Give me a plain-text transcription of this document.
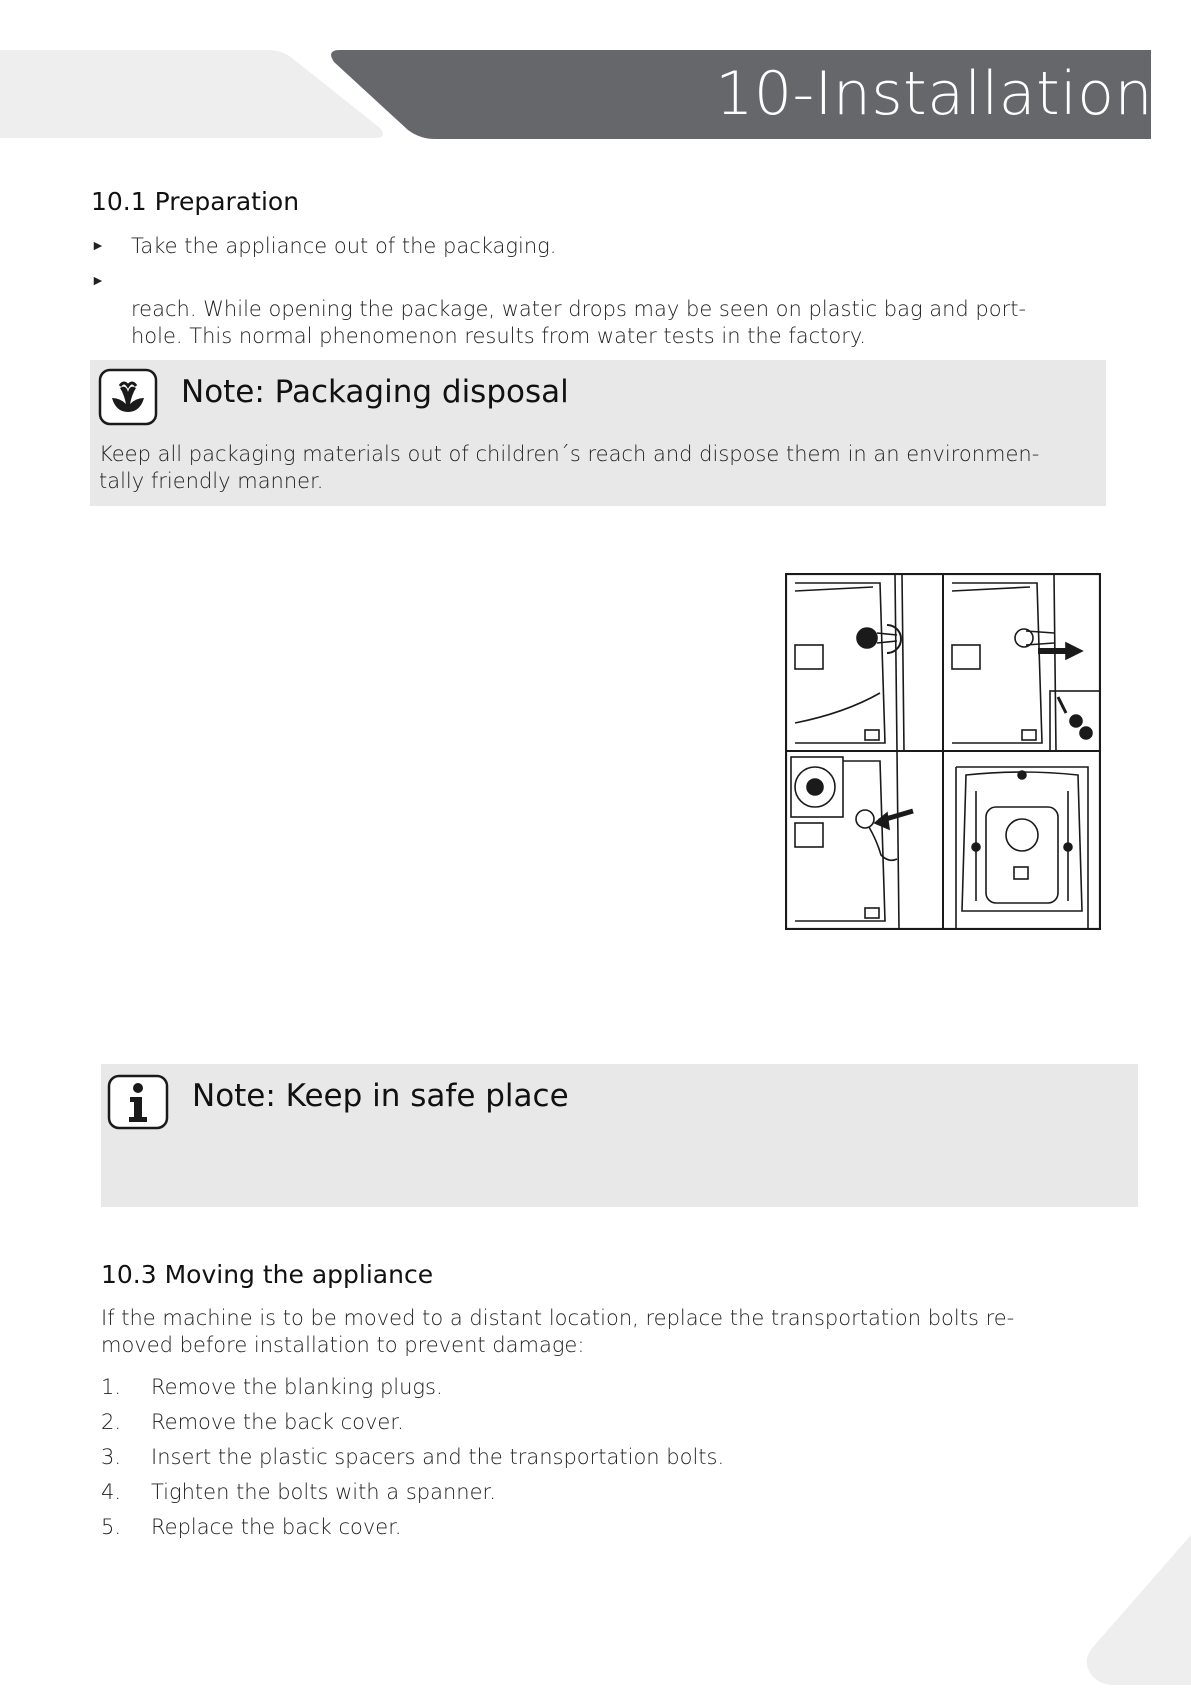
10-Installation
10.1 Preparation
► Take the appliance out of the packaging.
►
reach. While opening the package, water drops may be seen on plastic bag and port-
hole. This normal phenomenon results from water tests in the factory.
Note: Packaging disposal
Keep all packaging materials out of children´s reach and dispose them in an environmen-
tally friendly manner.
Note: Keep in safe place
10.3 Moving the appliance
If the machine is to be moved to a distant location, replace the transportation bolts re-
moved before installation to prevent damage:
1. Remove the blanking plugs.
2. Remove the back cover.
3. Insert the plastic spacers and the transportation bolts.
4. Tighten the bolts with a spanner.
5. Replace the back cover.
